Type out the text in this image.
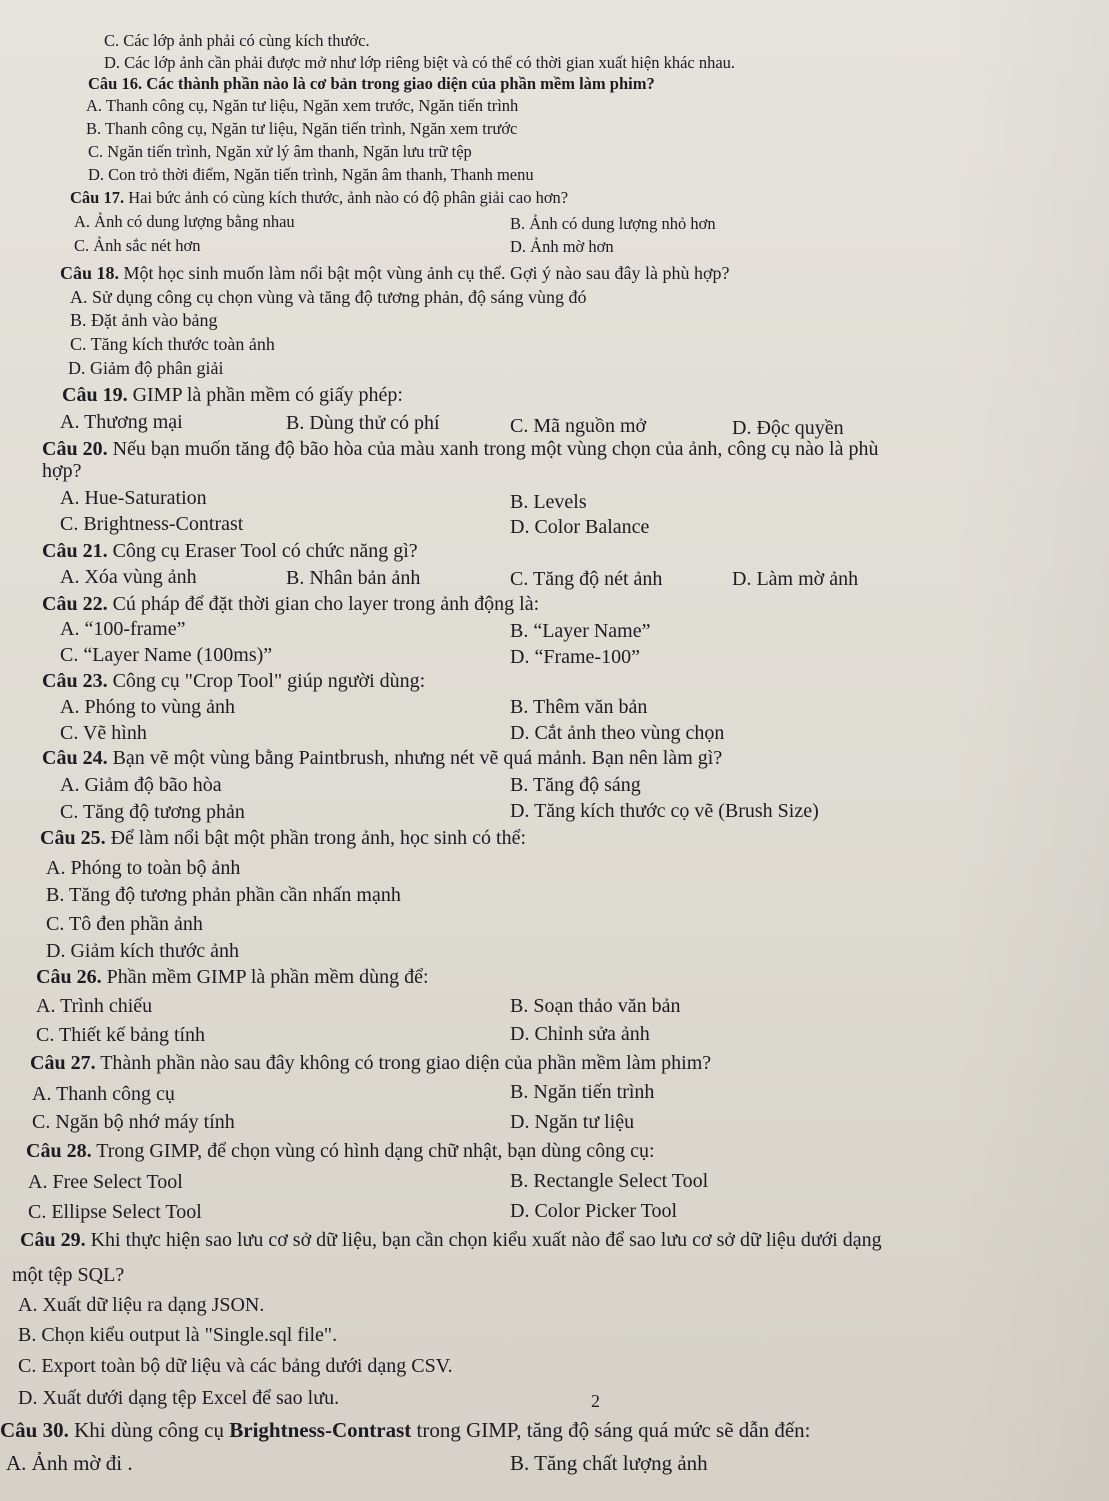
C. Các lớp ảnh phải có cùng kích thước.
D. Các lớp ảnh cần phải được mở như lớp riêng biệt và có thể có thời gian xuất hiện khác nhau.
Câu 16. Các thành phần nào là cơ bản trong giao diện của phần mềm làm phim?
A. Thanh công cụ, Ngăn tư liệu, Ngăn xem trước, Ngăn tiến trình
B. Thanh công cụ, Ngăn tư liệu, Ngăn tiến trình, Ngăn xem trước
C. Ngăn tiến trình, Ngăn xử lý âm thanh, Ngăn lưu trữ tệp
D. Con trỏ thời điểm, Ngăn tiến trình, Ngăn âm thanh, Thanh menu
Câu 17. Hai bức ảnh có cùng kích thước, ảnh nào có độ phân giải cao hơn?
A. Ảnh có dung lượng bằng nhau	B. Ảnh có dung lượng nhỏ hơn
C. Ảnh sắc nét hơn	D. Ảnh mờ hơn
Câu 18. Một học sinh muốn làm nổi bật một vùng ảnh cụ thể. Gợi ý nào sau đây là phù hợp?
A. Sử dụng công cụ chọn vùng và tăng độ tương phản, độ sáng vùng đó
B. Đặt ảnh vào bảng
C. Tăng kích thước toàn ảnh
D. Giảm độ phân giải
Câu 19. GIMP là phần mềm có giấy phép:
A. Thương mại	B. Dùng thử có phí	C. Mã nguồn mở	D. Độc quyền
Câu 20. Nếu bạn muốn tăng độ bão hòa của màu xanh trong một vùng chọn của ảnh, công cụ nào là phù
hợp?
A. Hue-Saturation	B. Levels
C. Brightness-Contrast	D. Color Balance
Câu 21. Công cụ Eraser Tool có chức năng gì?
A. Xóa vùng ảnh	B. Nhân bản ảnh	C. Tăng độ nét ảnh	D. Làm mờ ảnh
Câu 22. Cú pháp để đặt thời gian cho layer trong ảnh động là:
A. “100-frame”	B. “Layer Name”
C. “Layer Name (100ms)”	D. “Frame-100”
Câu 23. Công cụ "Crop Tool" giúp người dùng:
A. Phóng to vùng ảnh	B. Thêm văn bản
C. Vẽ hình	D. Cắt ảnh theo vùng chọn
Câu 24. Bạn vẽ một vùng bằng Paintbrush, nhưng nét vẽ quá mảnh. Bạn nên làm gì?
A. Giảm độ bão hòa	B. Tăng độ sáng
C. Tăng độ tương phản	D. Tăng kích thước cọ vẽ (Brush Size)
Câu 25. Để làm nổi bật một phần trong ảnh, học sinh có thể:
A. Phóng to toàn bộ ảnh
B. Tăng độ tương phản phần cần nhấn mạnh
C. Tô đen phần ảnh
D. Giảm kích thước ảnh
Câu 26. Phần mềm GIMP là phần mềm dùng để:
A. Trình chiếu	B. Soạn thảo văn bản
C. Thiết kế bảng tính	D. Chỉnh sửa ảnh
Câu 27. Thành phần nào sau đây không có trong giao diện của phần mềm làm phim?
A. Thanh công cụ	B. Ngăn tiến trình
C. Ngăn bộ nhớ máy tính	D. Ngăn tư liệu
Câu 28. Trong GIMP, để chọn vùng có hình dạng chữ nhật, bạn dùng công cụ:
A. Free Select Tool	B. Rectangle Select Tool
C. Ellipse Select Tool	D. Color Picker Tool
Câu 29. Khi thực hiện sao lưu cơ sở dữ liệu, bạn cần chọn kiểu xuất nào để sao lưu cơ sở dữ liệu dưới dạng
một tệp SQL?
A. Xuất dữ liệu ra dạng JSON.
B. Chọn kiểu output là "Single.sql file".
C. Export toàn bộ dữ liệu và các bảng dưới dạng CSV.
D. Xuất dưới dạng tệp Excel để sao lưu.	2
Câu 30. Khi dùng công cụ Brightness-Contrast trong GIMP, tăng độ sáng quá mức sẽ dẫn đến:
A. Ảnh mờ đi .	B. Tăng chất lượng ảnh
